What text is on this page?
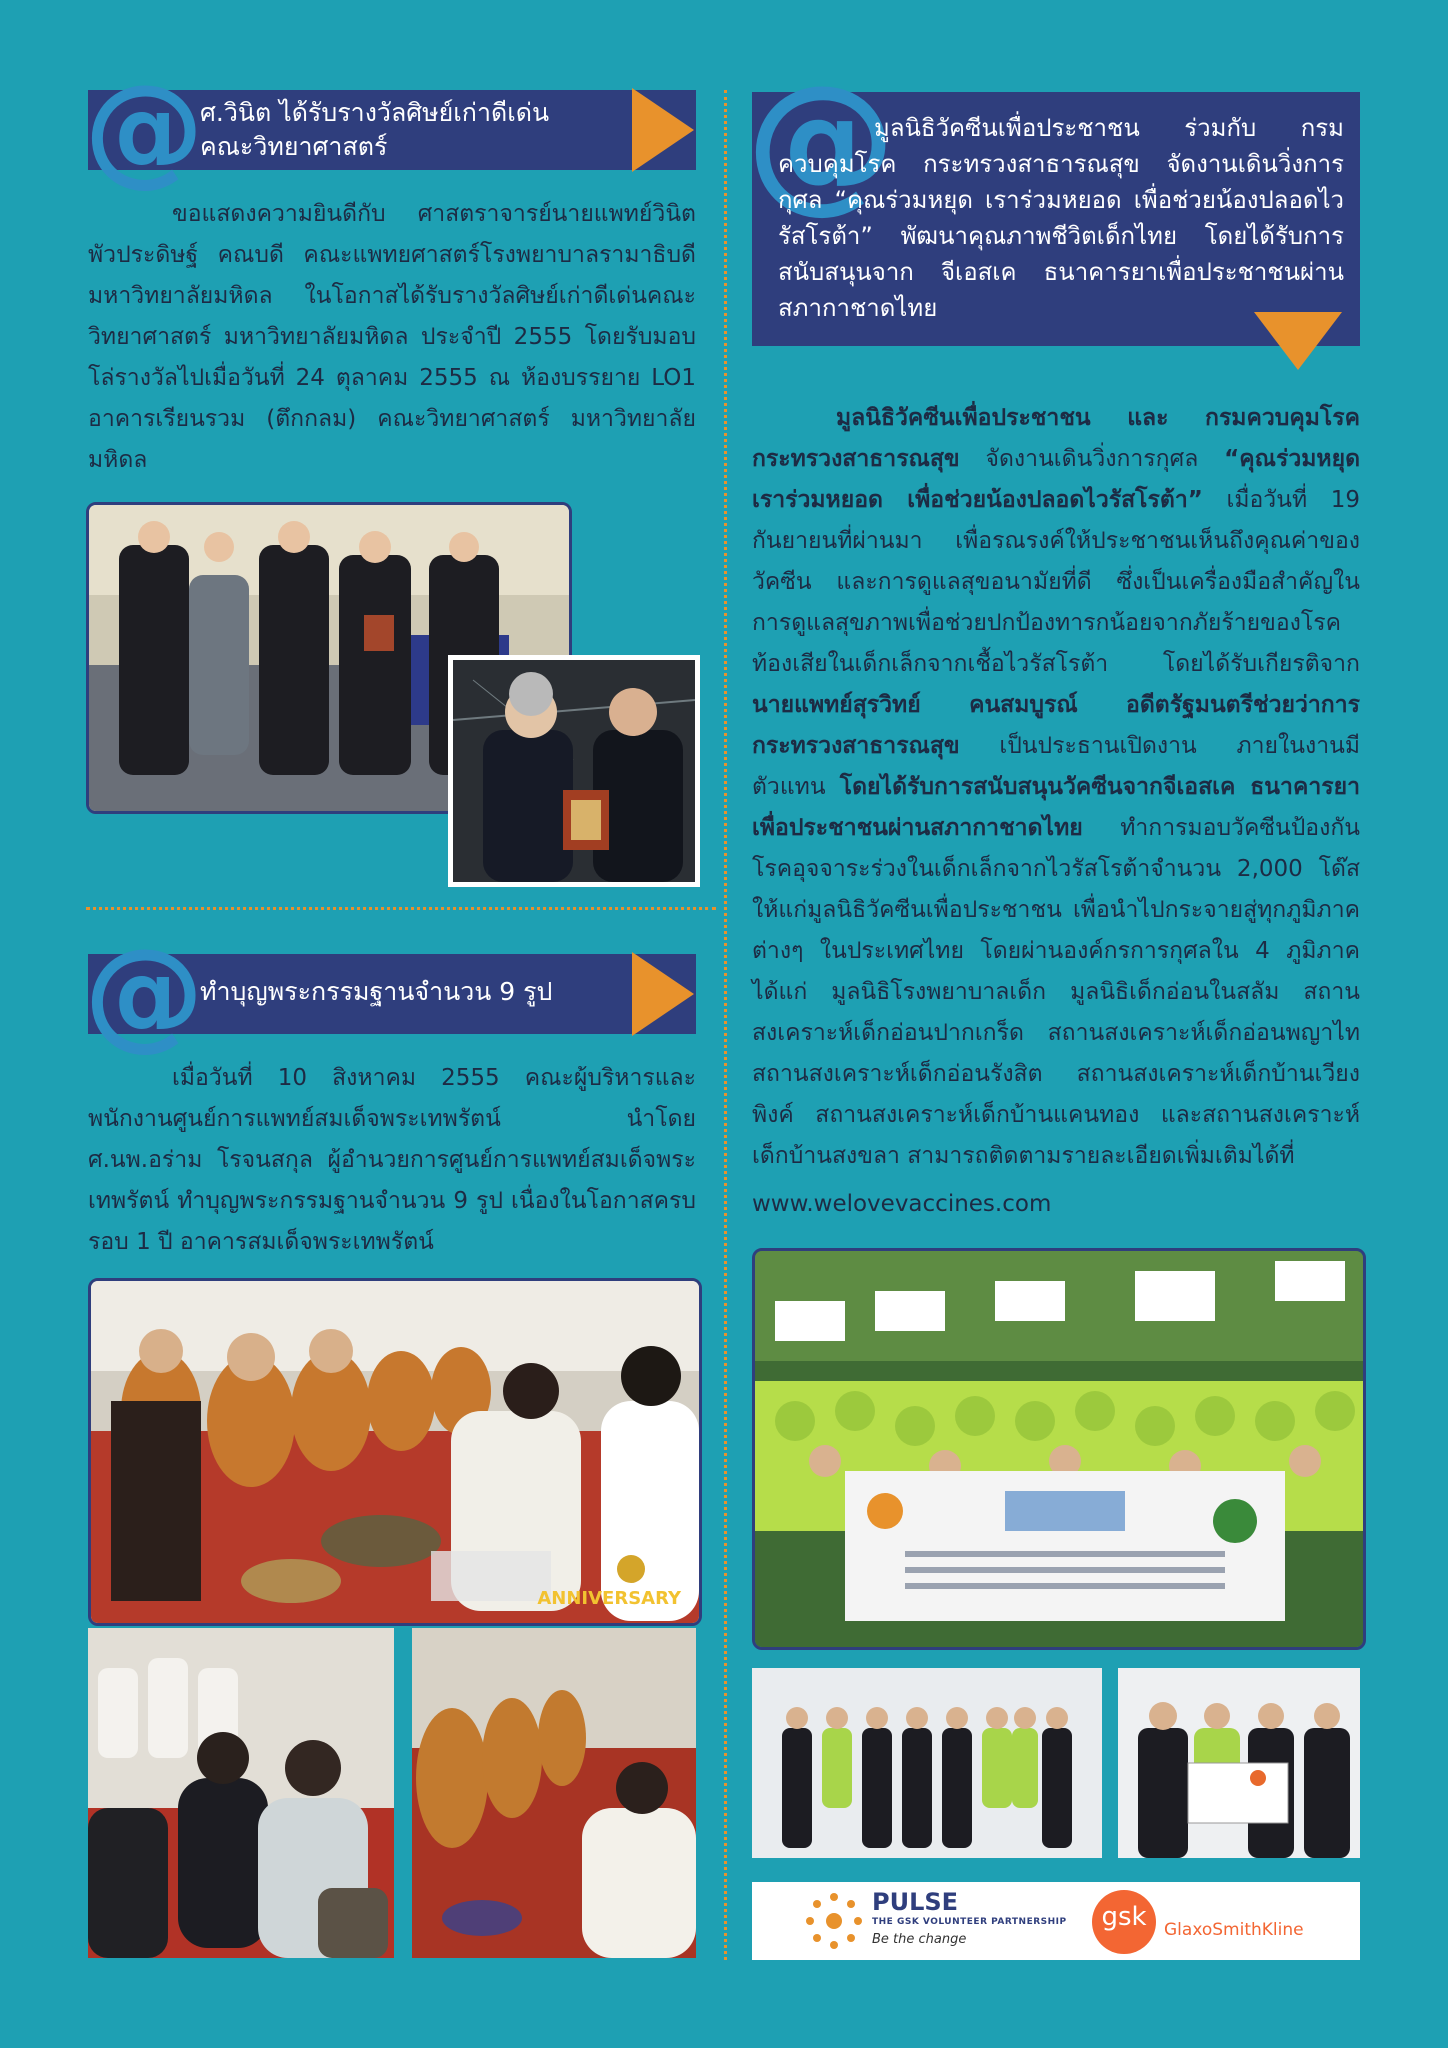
@
ศ.วินิต ได้รับรางวัลศิษย์เก่าดีเด่น
คณะวิทยาศาสตร์

ขอแสดงความยินดีกับ ศาสตราจารย์นายแพทย์วินิต พัวประดิษฐ์ คณบดี คณะแพทยศาสตร์โรงพยาบาลรามาธิบดี มหาวิทยาลัยมหิดล ในโอกาสได้รับรางวัลศิษย์เก่าดีเด่นคณะวิทยาศาสตร์ มหาวิทยาลัยมหิดล ประจำปี 2555 โดยรับมอบโล่รางวัลไปเมื่อวันที่ 24 ตุลาคม 2555 ณ ห้องบรรยาย LO1 อาคารเรียนรวม (ตึกกลม) คณะวิทยาศาสตร์ มหาวิทยาลัยมหิดล

@
ทำบุญพระกรรมฐานจำนวน 9 รูป

เมื่อวันที่ 10 สิงหาคม 2555 คณะผู้บริหารและพนักงานศูนย์การแพทย์สมเด็จพระเทพรัตน์ นำโดย ศ.นพ.อร่าม โรจนสกุล ผู้อำนวยการศูนย์การแพทย์สมเด็จพระเทพรัตน์ ทำบุญพระกรรมฐานจำนวน 9 รูป เนื่องในโอกาสครบรอบ 1 ปี อาคารสมเด็จพระเทพรัตน์

ANNIVERSARY
@
มูลนิธิวัคซีนเพื่อประชาชน ร่วมกับ กรมควบคุมโรค กระทรวงสาธารณสุข จัดงานเดินวิ่งการกุศล “คุณร่วมหยุด เราร่วมหยอด เพื่อช่วยน้องปลอดไวรัสโรต้า” พัฒนาคุณภาพชีวิตเด็กไทย โดยได้รับการสนับสนุนจาก จีเอสเค ธนาคารยาเพื่อประชาชนผ่านสภากาชาดไทย

มูลนิธิวัคซีนเพื่อประชาชน และ กรมควบคุมโรค กระทรวงสาธารณสุข จัดงานเดินวิ่งการกุศล “คุณร่วมหยุด เราร่วมหยอด เพื่อช่วยน้องปลอดไวรัสโรต้า” เมื่อวันที่ 19 กันยายนที่ผ่านมา เพื่อรณรงค์ให้ประชาชนเห็นถึงคุณค่าของวัคซีน และการดูแลสุขอนามัยที่ดี ซึ่งเป็นเครื่องมือสำคัญในการดูแลสุขภาพเพื่อช่วยปกป้องทารกน้อยจากภัยร้ายของโรคท้องเสียในเด็กเล็กจากเชื้อไวรัสโรต้า โดยได้รับเกียรติจาก นายแพทย์สุรวิทย์ คนสมบูรณ์ อดีตรัฐมนตรีช่วยว่าการกระทรวงสาธารณสุข เป็นประธานเปิดงาน ภายในงานมีตัวแทน โดยได้รับการสนับสนุนวัคซีนจากจีเอสเค ธนาคารยาเพื่อประชาชนผ่านสภากาชาดไทย ทำการมอบวัคซีนป้องกันโรคอุจจาระร่วงในเด็กเล็กจากไวรัสโรต้าจำนวน 2,000 โด๊ส ให้แก่มูลนิธิวัคซีนเพื่อประชาชน เพื่อนำไปกระจายสู่ทุกภูมิภาคต่างๆ ในประเทศไทย โดยผ่านองค์กรการกุศลใน 4 ภูมิภาค ได้แก่ มูลนิธิโรงพยาบาลเด็ก มูลนิธิเด็กอ่อนในสลัม สถานสงเคราะห์เด็กอ่อนปากเกร็ด สถานสงเคราะห์เด็กอ่อนพญาไท สถานสงเคราะห์เด็กอ่อนรังสิต สถานสงเคราะห์เด็กบ้านเวียงพิงค์ สถานสงเคราะห์เด็กบ้านแคนทอง และสถานสงเคราะห์เด็กบ้านสงขลา สามารถติดตามรายละเอียดเพิ่มเติมได้ที่

www.welovevaccines.com
PULSE
THE GSK VOLUNTEER PARTNERSHIP
Be the change
gsk	GlaxoSmithKline
